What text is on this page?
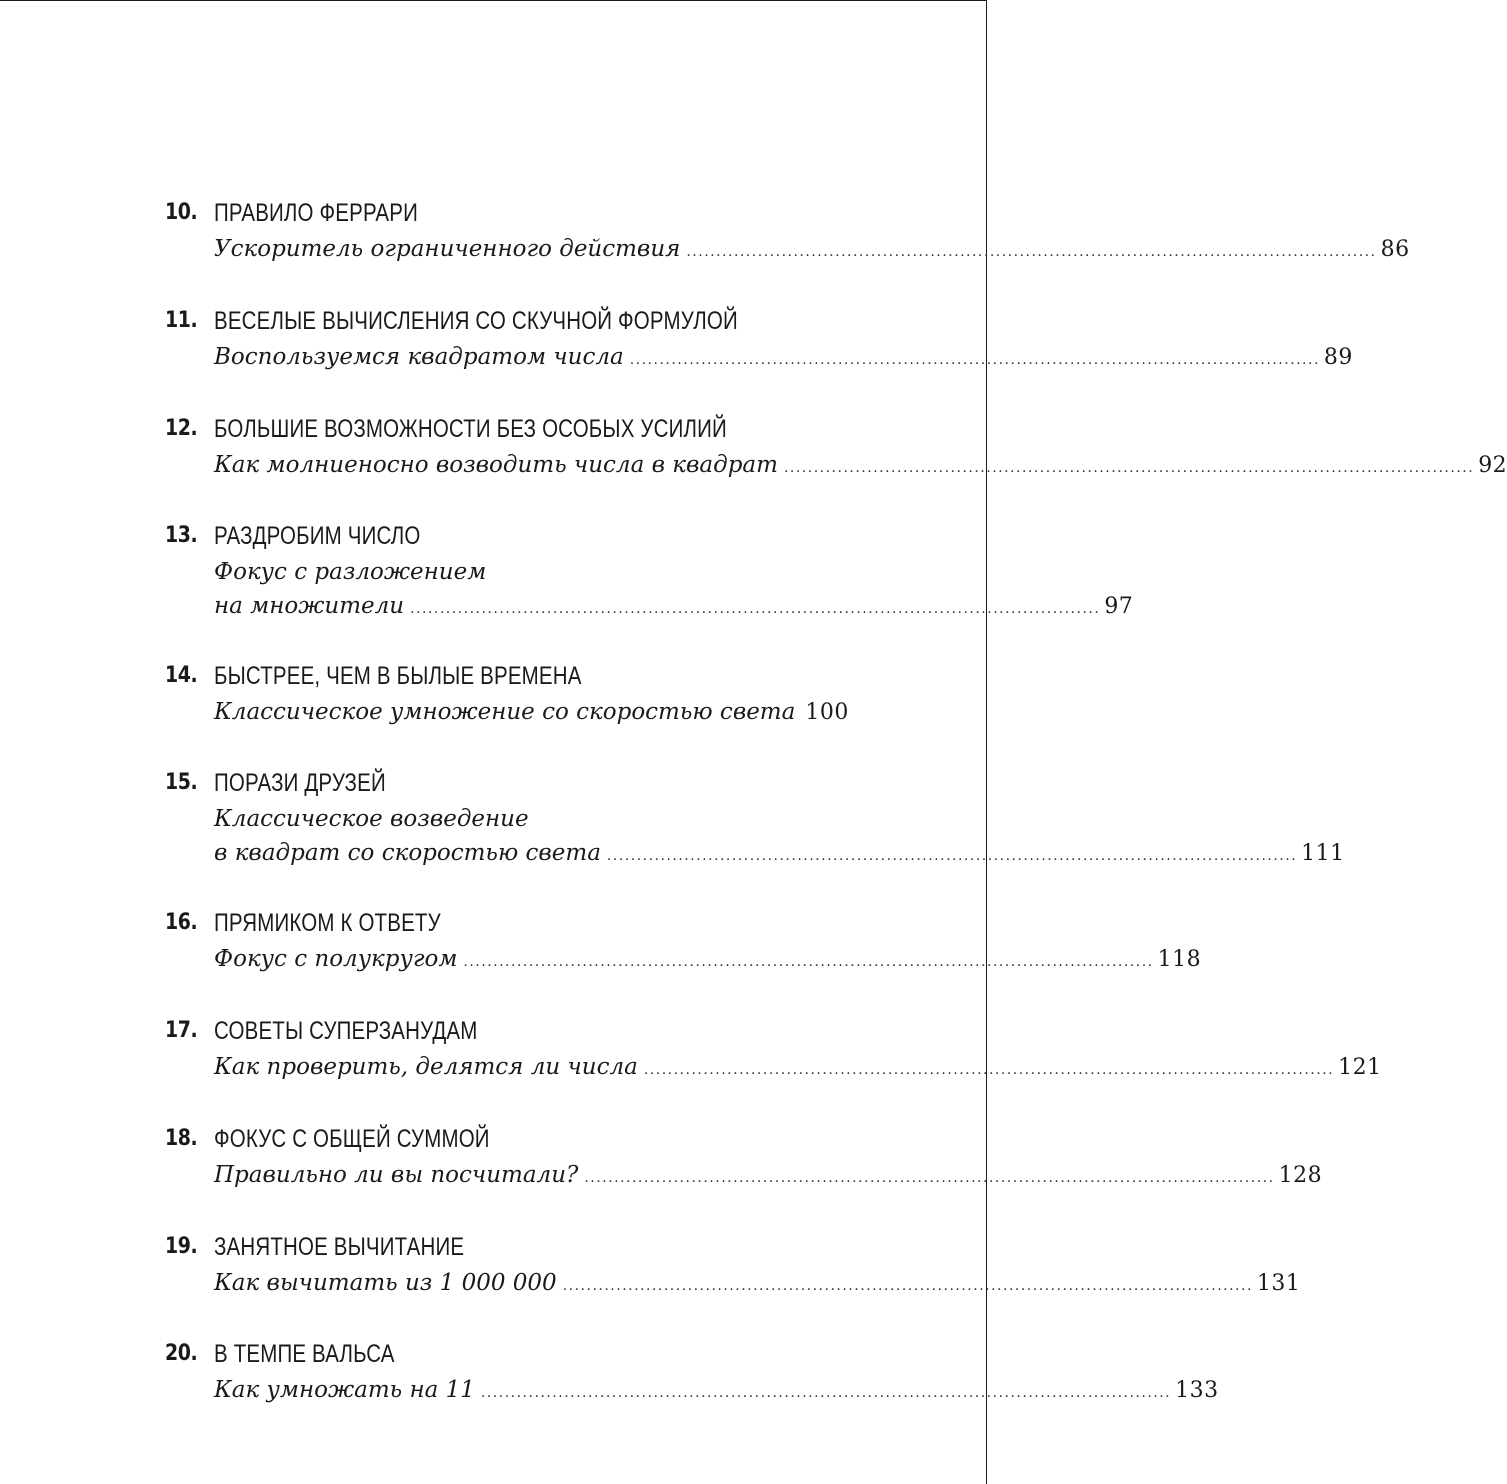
10. ПРАВИЛО ФЕРРАРИ
Ускоритель ограниченного действия .................................................................................................................... 86
11. ВЕСЕЛЫЕ ВЫЧИСЛЕНИЯ СО СКУЧНОЙ ФОРМУЛОЙ
Воспользуемся квадратом числа .................................................................................................................... 89
12. БОЛЬШИЕ ВОЗМОЖНОСТИ БЕЗ ОСОБЫХ УСИЛИЙ
Как молниеносно возводить числа в квадрат .................................................................................................................... 92
13. РАЗДРОБИМ ЧИСЛО
Фокус с разложением
на множители .................................................................................................................... 97
14. БЫСТРЕЕ, ЧЕМ В БЫЛЫЕ ВРЕМЕНА
Классическое умножение со скоростью света 100
15. ПОРАЗИ ДРУЗЕЙ
Классическое возведение
в квадрат со скоростью света .................................................................................................................... 111
16. ПРЯМИКОМ К ОТВЕТУ
Фокус с полукругом .................................................................................................................... 118
17. СОВЕТЫ СУПЕРЗАНУДАМ
Как проверить, делятся ли числа .................................................................................................................... 121
18. ФОКУС С ОБЩЕЙ СУММОЙ
Правильно ли вы посчитали? .................................................................................................................... 128
19. ЗАНЯТНОЕ ВЫЧИТАНИЕ
Как вычитать из 1 000 000 .................................................................................................................... 131
20. В ТЕМПЕ ВАЛЬСА
Как умножать на 11 .................................................................................................................... 133
